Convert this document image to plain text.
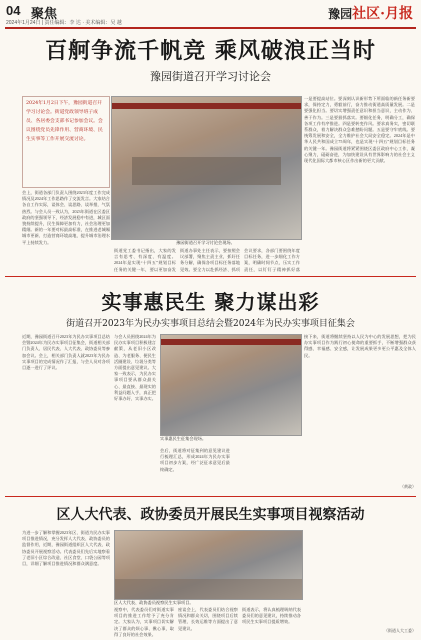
04 聚焦
2024年1月24日 | 责任编辑：李 达 · 美术编辑：吴 越
豫园社区·月报
百舸争流千帆竞 乘风破浪正当时
豫园街道召开学习讨论会
2024年1月2日下午，豫园街道召开学习讨论会。街道党政领导班子成员、各居委会支部书记参加会议。会议围绕党员先锋作用、营商环境、民生实事等工作开展交流讨论。
豫园街道召开学习讨论会现场。
一是要提高站位。要深刻认识新形势下所面临的新任务新要求，保持定力，勇毅前行，奋力推动街道高质量发展。二是要强化担当。要切实增强责任意识和担当意识，主动作为、善于作为。三是要狠抓落实。要细化任务，明确分工，确保各项工作有序推进。四是要转变作风。要求真务实，密切联系群众，着力解决群众急难愁盼问题。五是要守牢底线。要统筹发展和安全，全力维护社会大局安全稳定。2024年是中华人民共和国成立75周年，也是实现“十四五”规划目标任务的关键一年。豫园街道将紧紧围绕区委区政府中心工作，凝心聚力，砥砺奋进，为加快建设具有世界影响力的社会主义现代化国际大都市核心区作出新的更大贡献。
会上，街道各部门负责人围绕2023年度工作完成情况及2024年工作思路作了交流发言。大家结合各自工作实际，谈体会、谈思路、谈举措，气氛热烈。与会人员一致认为，2023年街道在区委区政府的坚强领导下，经济发展稳中有进，城区面貌持续提升，民生保障更加有力，社会治理更加精细。新的一年要对标最高标准，在推进老城厢城市更新、打造营商环境高地、提升城市治理水平上持续发力。
街道党工委书记指出，大家的发言有思考、有深度、有温度。2024年是实现“十四五”规划目标任务的关键一年，要以更加奋发
街道办事处主任表示，要按照会议部署，聚焦主责主业，抓好任务分解，确保各项目标任务落地见效。要全力以赴抓经济、抓项
会议要求，各部门要围绕年度目标任务，进一步细化工作方案，明确时间节点，压实工作责任，以钉钉子精神抓好落
实事惠民生 聚力谋出彩
街道召开2023年为民办实事项目总结会暨2024年为民办实事项目征集会
近期，豫园街道召开2023年为民办实事项目总结会暨2024年为民办实事项目征集会，街道相关部门负责人、居民代表、人大代表、政协委员等参加会议。会上，相关部门负责人就2023年为民办实事项目的完成情况作了汇报，与会人员对各项目逐一进行了评议。
与会人员围绕2024年为民办实事项目积极建言献策，从老旧小区改造、为老服务、便民生活圈建设、垃圾分类等方面提出意见建议。大家一致表示，为民办实事项目要从群众最关心、最直接、最现实的利益问题入手，真正把好事办好、实事办实。
实事惠民生征集会现场。
会后，街道将对征集到的意见建议进行梳理汇总，形成2024年为民办实事项目初步方案，经广泛征求意见后最终确定。
接下来，街道将继续坚持以人民为中心的发展思想，把为民办实事项目作为践行初心使命的重要抓手，不断增强群众获得感、幸福感、安全感，让发展成果更多更公平惠及全体人民。
（黄政）
区人大代表、政协委员开展民生实事项目视察活动
为进一步了解和掌握2023年区、街道为民办实事项目推进情况，充分发挥人大代表、政协委员的监督作用，近期，豫园街道组织区人大代表、政协委员开展视察活动。代表委员们先后实地察看了老旧小区综合改造、社区食堂、口袋公园等项目，详细了解项目推进情况和群众满意度。
区人大代表、政协委员视察民生实事项目。
视察中，代表委员们对街道实事项目的推进工作给予了充分肯定。大家认为，实事项目切实解决了群众的烦心事、揪心事，取得了良好的社会效果。
座谈会上，代表委员们结合视察情况和群众关切，围绕项目后续管理、长效运维等方面提出了意见建议。
街道表示，将认真梳理吸纳代表委员们的意见建议，持续推动各项民生实事项目提质增效。
（街道人大工委）
